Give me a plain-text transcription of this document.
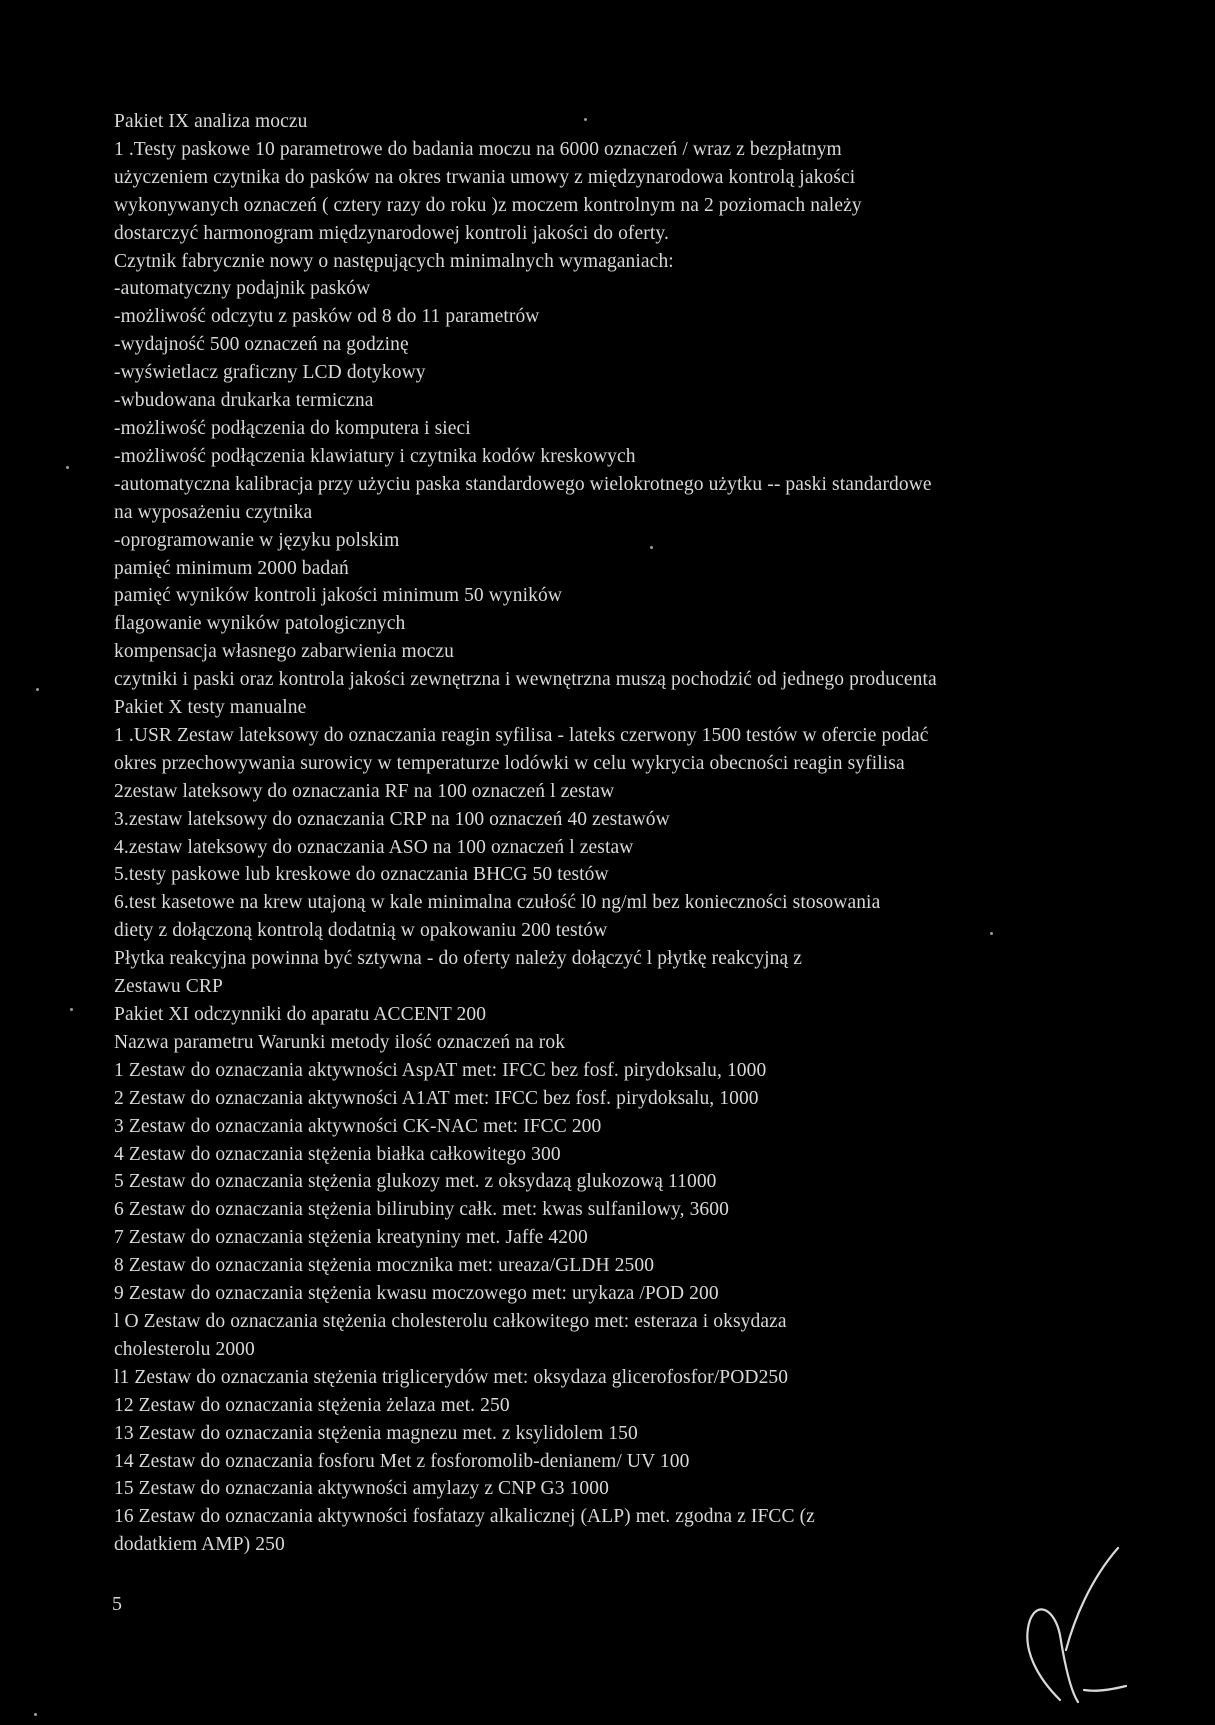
Pakiet IX analiza moczu
1 .Testy paskowe 10 parametrowe do badania moczu na 6000 oznaczeń / wraz z bezpłatnym
użyczeniem czytnika do pasków na okres trwania umowy z międzynarodowa kontrolą jakości
wykonywanych oznaczeń ( cztery razy do roku )z moczem kontrolnym na 2 poziomach należy
dostarczyć harmonogram międzynarodowej kontroli jakości do oferty.
Czytnik fabrycznie nowy o następujących minimalnych wymaganiach:
-automatyczny podajnik pasków
-możliwość odczytu z pasków od 8 do 11 parametrów
-wydajność 500 oznaczeń na godzinę
-wyświetlacz graficzny LCD dotykowy
-wbudowana drukarka termiczna
-możliwość podłączenia do komputera i sieci
-możliwość podłączenia klawiatury i czytnika kodów kreskowych
-automatyczna kalibracja przy użyciu paska standardowego wielokrotnego użytku -- paski standardowe
na wyposażeniu czytnika
-oprogramowanie w języku polskim
pamięć minimum 2000 badań
pamięć wyników kontroli jakości minimum 50 wyników
flagowanie wyników patologicznych
kompensacja własnego zabarwienia moczu
czytniki i paski oraz kontrola jakości zewnętrzna i wewnętrzna muszą pochodzić od jednego producenta
Pakiet X testy manualne
1 .USR Zestaw lateksowy do oznaczania reagin syfilisa - lateks czerwony 1500 testów w ofercie podać
okres przechowywania surowicy w temperaturze lodówki w celu wykrycia obecności reagin syfilisa
2zestaw lateksowy do oznaczania RF na 100 oznaczeń l zestaw
3.zestaw lateksowy do oznaczania CRP na 100 oznaczeń 40 zestawów
4.zestaw lateksowy do oznaczania ASO na 100 oznaczeń l zestaw
5.testy paskowe lub kreskowe do oznaczania BHCG 50 testów
6.test kasetowe na krew utajoną w kale minimalna czułość l0 ng/ml bez konieczności stosowania
diety z dołączoną kontrolą dodatnią w opakowaniu 200 testów
Płytka reakcyjna powinna być sztywna - do oferty należy dołączyć l płytkę reakcyjną z
Zestawu CRP
Pakiet XI odczynniki do aparatu ACCENT 200
Nazwa parametru Warunki metody ilość oznaczeń na rok
1 Zestaw do oznaczania aktywności AspAT met: IFCC bez fosf. pirydoksalu, 1000
2 Zestaw do oznaczania aktywności A1AT met: IFCC bez fosf. pirydoksalu, 1000
3 Zestaw do oznaczania aktywności CK-NAC met: IFCC 200
4 Zestaw do oznaczania stężenia białka całkowitego 300
5 Zestaw do oznaczania stężenia glukozy met. z oksydazą glukozową 11000
6 Zestaw do oznaczania stężenia bilirubiny całk. met: kwas sulfanilowy, 3600
7 Zestaw do oznaczania stężenia kreatyniny met. Jaffe 4200
8 Zestaw do oznaczania stężenia mocznika met: ureaza/GLDH 2500
9 Zestaw do oznaczania stężenia kwasu moczowego met: urykaza /POD 200
l O Zestaw do oznaczania stężenia cholesterolu całkowitego met: esteraza i oksydaza
cholesterolu 2000
l1 Zestaw do oznaczania stężenia triglicerydów met: oksydaza glicerofosfor/POD250
12 Zestaw do oznaczania stężenia żelaza met. 250
13 Zestaw do oznaczania stężenia magnezu met. z ksylidolem 150
14 Zestaw do oznaczania fosforu Met z fosforomolib-denianem/ UV 100
15 Zestaw do oznaczania aktywności amylazy z CNP G3 1000
16 Zestaw do oznaczania aktywności fosfatazy alkalicznej (ALP) met. zgodna z IFCC (z
dodatkiem AMP) 250
5
